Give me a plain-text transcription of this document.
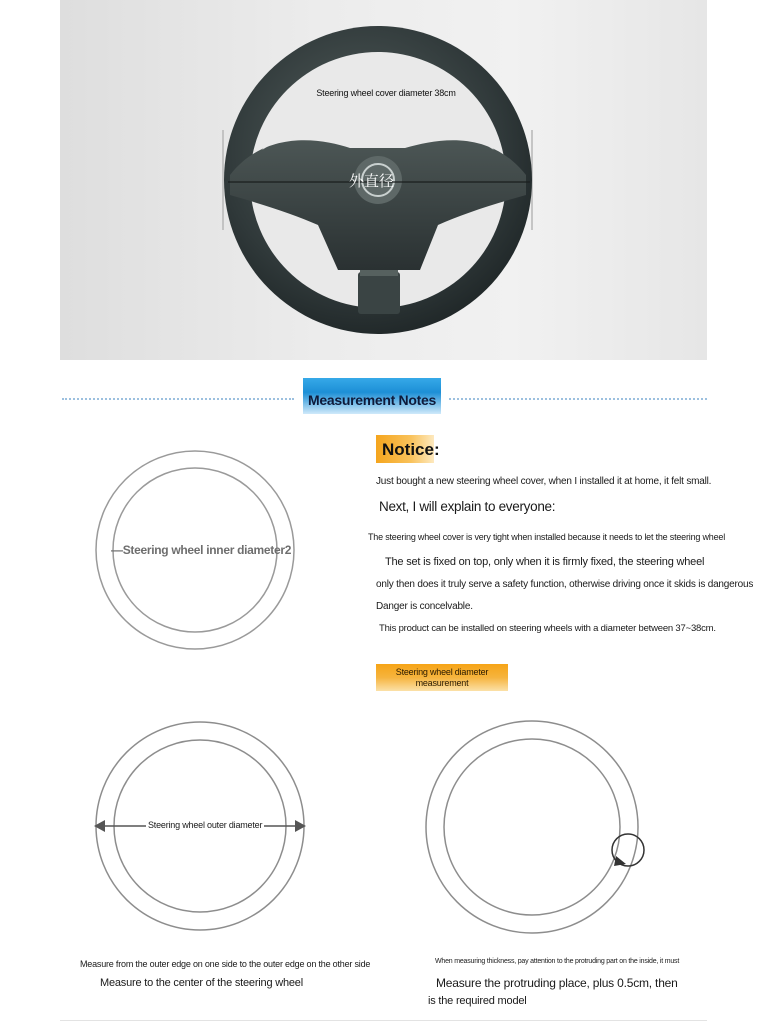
Steering wheel cover diameter 38cm
外直径
Measurement Notes
—Steering wheel inner diameter2
Notice:
Just bought a new steering wheel cover, when I installed it at home, it felt small.
Next, I will explain to everyone:
The steering wheel cover is very tight when installed because it needs to let the steering wheel
The set is fixed on top, only when it is firmly fixed, the steering wheel
only then does it truly serve a safety function, otherwise driving once it skids is dangerous
Danger is concelvable.
This product can be installed on steering wheels with a diameter between 37~38cm.
Steering wheel diameter
measurement
Steering wheel outer diameter
Measure from the outer edge on one side to the outer edge on the other side
Measure to the center of the steering wheel
When measuring thickness, pay attention to the protruding part on the inside, it must
Measure the protruding place, plus 0.5cm, then
is the required model
